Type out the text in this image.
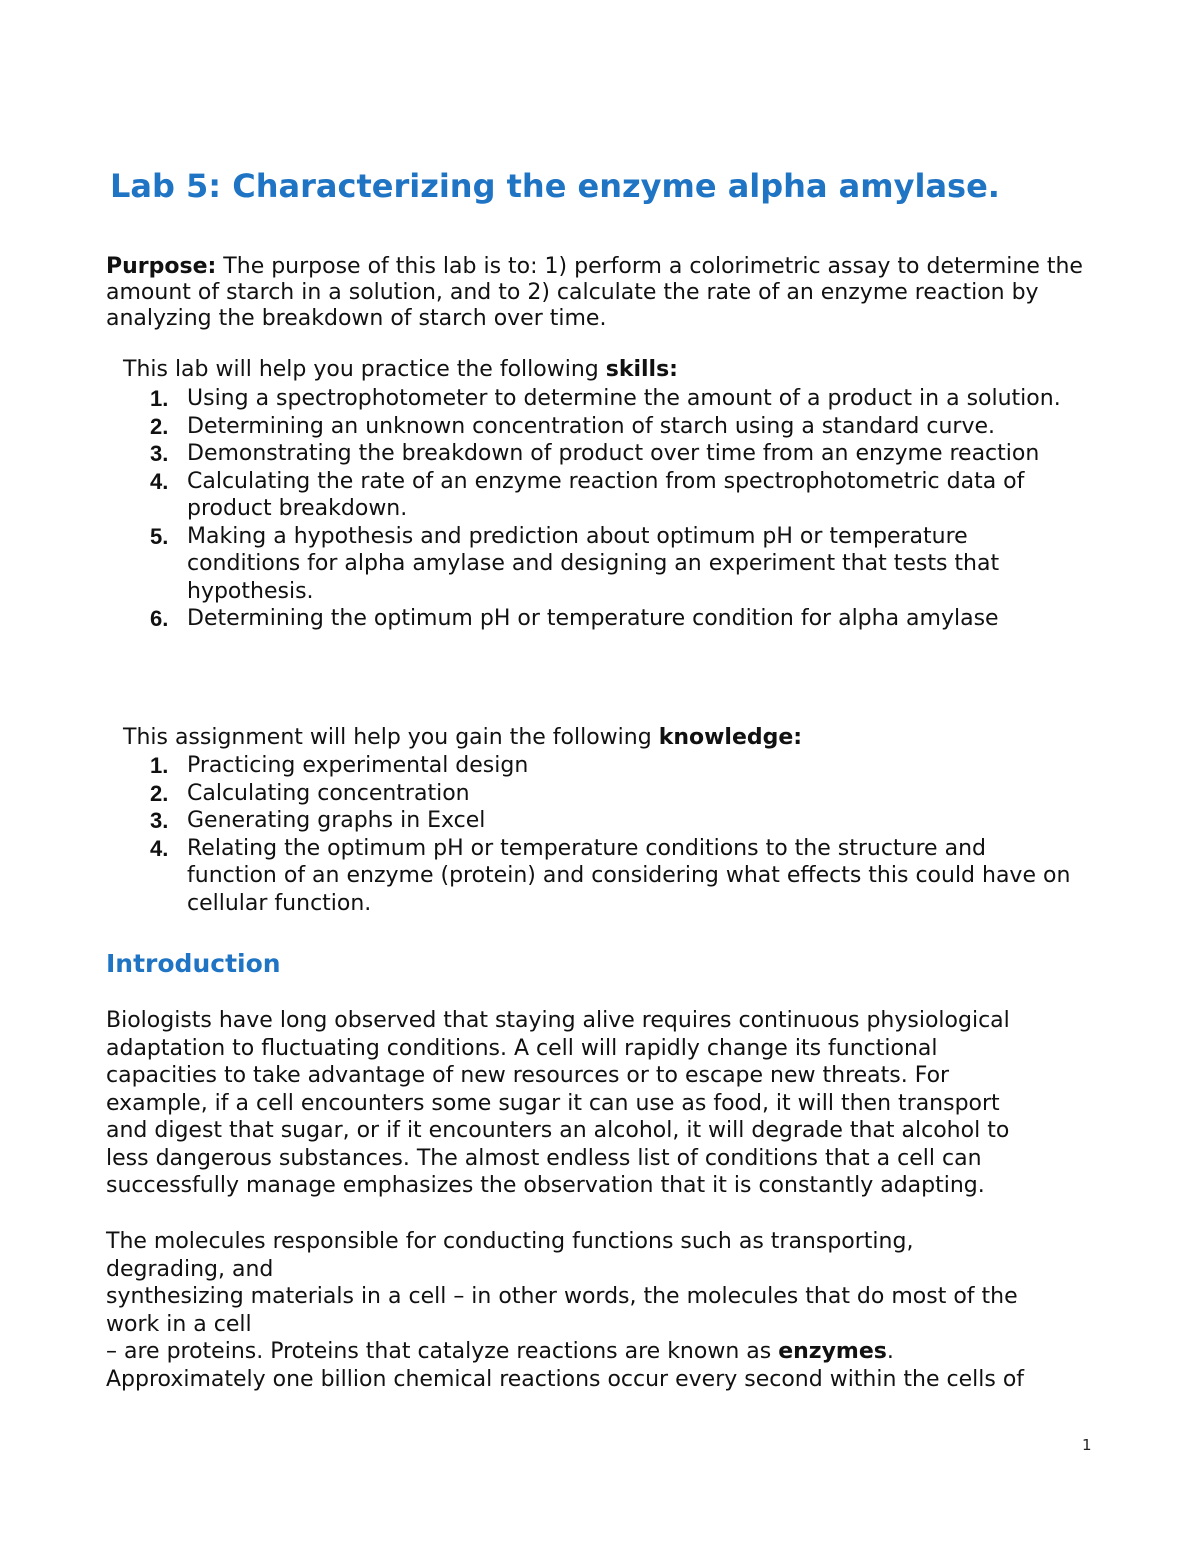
Lab 5: Characterizing the enzyme alpha amylase.

Purpose: The purpose of this lab is to: 1) perform a colorimetric assay to determine the amount of starch in a solution, and to 2) calculate the rate of an enzyme reaction by analyzing the breakdown of starch over time.

This lab will help you practice the following skills:

1. Using a spectrophotometer to determine the amount of a product in a solution.
2. Determining an unknown concentration of starch using a standard curve.
3. Demonstrating the breakdown of product over time from an enzyme reaction
4. Calculating the rate of an enzyme reaction from spectrophotometric data of product breakdown.
5. Making a hypothesis and prediction about optimum pH or temperature conditions for alpha amylase and designing an experiment that tests that hypothesis.
6. Determining the optimum pH or temperature condition for alpha amylase

This assignment will help you gain the following knowledge:

1. Practicing experimental design
2. Calculating concentration
3. Generating graphs in Excel
4. Relating the optimum pH or temperature conditions to the structure and function of an enzyme (protein) and considering what effects this could have on cellular function.
Introduction

Biologists have long observed that staying alive requires continuous physiological
adaptation to fluctuating conditions. A cell will rapidly change its functional
capacities to take advantage of new resources or to escape new threats. For
example, if a cell encounters some sugar it can use as food, it will then transport
and digest that sugar, or if it encounters an alcohol, it will degrade that alcohol to
less dangerous substances. The almost endless list of conditions that a cell can
successfully manage emphasizes the observation that it is constantly adapting.

The molecules responsible for conducting functions such as transporting,
degrading, and
synthesizing materials in a cell – in other words, the molecules that do most of the
work in a cell
– are proteins. Proteins that catalyze reactions are known as enzymes.
Approximately one billion chemical reactions occur every second within the cells of

1
